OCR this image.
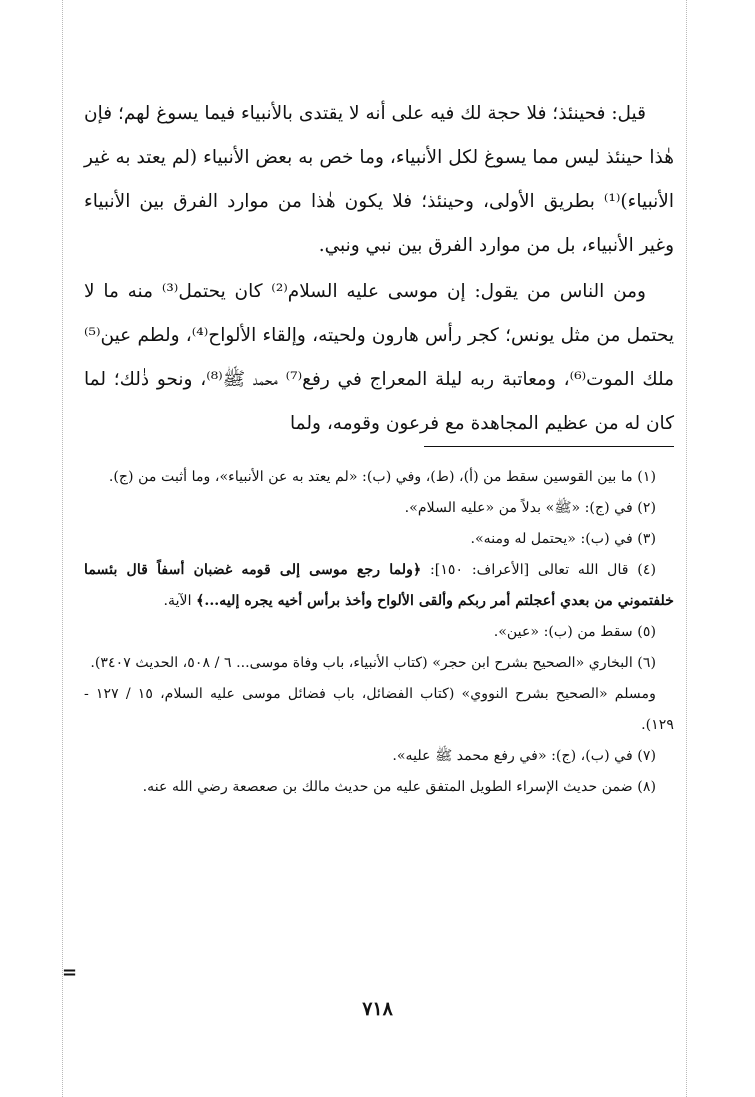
قيل: فحينئذ؛ فلا حجة لك فيه على أنه لا يقتدى بالأنبياء فيما يسوغ لهم؛ فإن هٰذا حينئذ ليس مما يسوغ لكل الأنبياء، وما خص به بعض الأنبياء (لم يعتد به غير الأنبياء)⁽¹⁾ بطريق الأولى، وحينئذ؛ فلا يكون هٰذا من موارد الفرق بين الأنبياء وغير الأنبياء، بل من موارد الفرق بين نبي ونبي.

ومن الناس من يقول: إن موسى عليه السلام⁽²⁾ كان يحتمل⁽³⁾ منه ما لا يحتمل من مثل يونس؛ كجر رأس هارون ولحيته، وإلقاء الألواح⁽⁴⁾، ولطم عين⁽⁵⁾ ملك الموت⁽⁶⁾، ومعاتبة ربه ليلة المعراج في رفع⁽⁷⁾ محمد ﷺ⁽⁸⁾، ونحو ذٰلك؛ لما كان له من عظيم المجاهدة مع فرعون وقومه، ولما

(١) ما بين القوسين سقط من (أ)، (ط)، وفي (ب): «لم يعتد به عن الأنبياء»، وما أثبت من (ج).

(٢) في (ج): «ﷺ» بدلاً من «عليه السلام».

(٣) في (ب): «يحتمل له ومنه».

(٤) قال الله تعالى [الأعراف: ١٥٠]: ﴿ولما رجع موسى إلى قومه غضبان أسفاً قال بئسما خلفتموني من بعدي أعجلتم أمر ربكم وألقى الألواح وأخذ برأس أخيه يجره إليه...﴾ الآية.

(٥) سقط من (ب): «عين».

(٦) البخاري «الصحيح بشرح ابن حجر» (كتاب الأنبياء، باب وفاة موسى... ٦ / ٥٠٨، الحديث ٣٤٠٧).

ومسلم «الصحيح بشرح النووي» (كتاب الفضائل، باب فضائل موسى عليه السلام، ١٥ / ١٢٧ - ١٢٩).

(٧) في (ب)، (ج): «في رفع محمد ﷺ عليه».

(٨) ضمن حديث الإسراء الطويل المتفق عليه من حديث مالك بن صعصعة رضي الله عنه.

=
٧١٨
